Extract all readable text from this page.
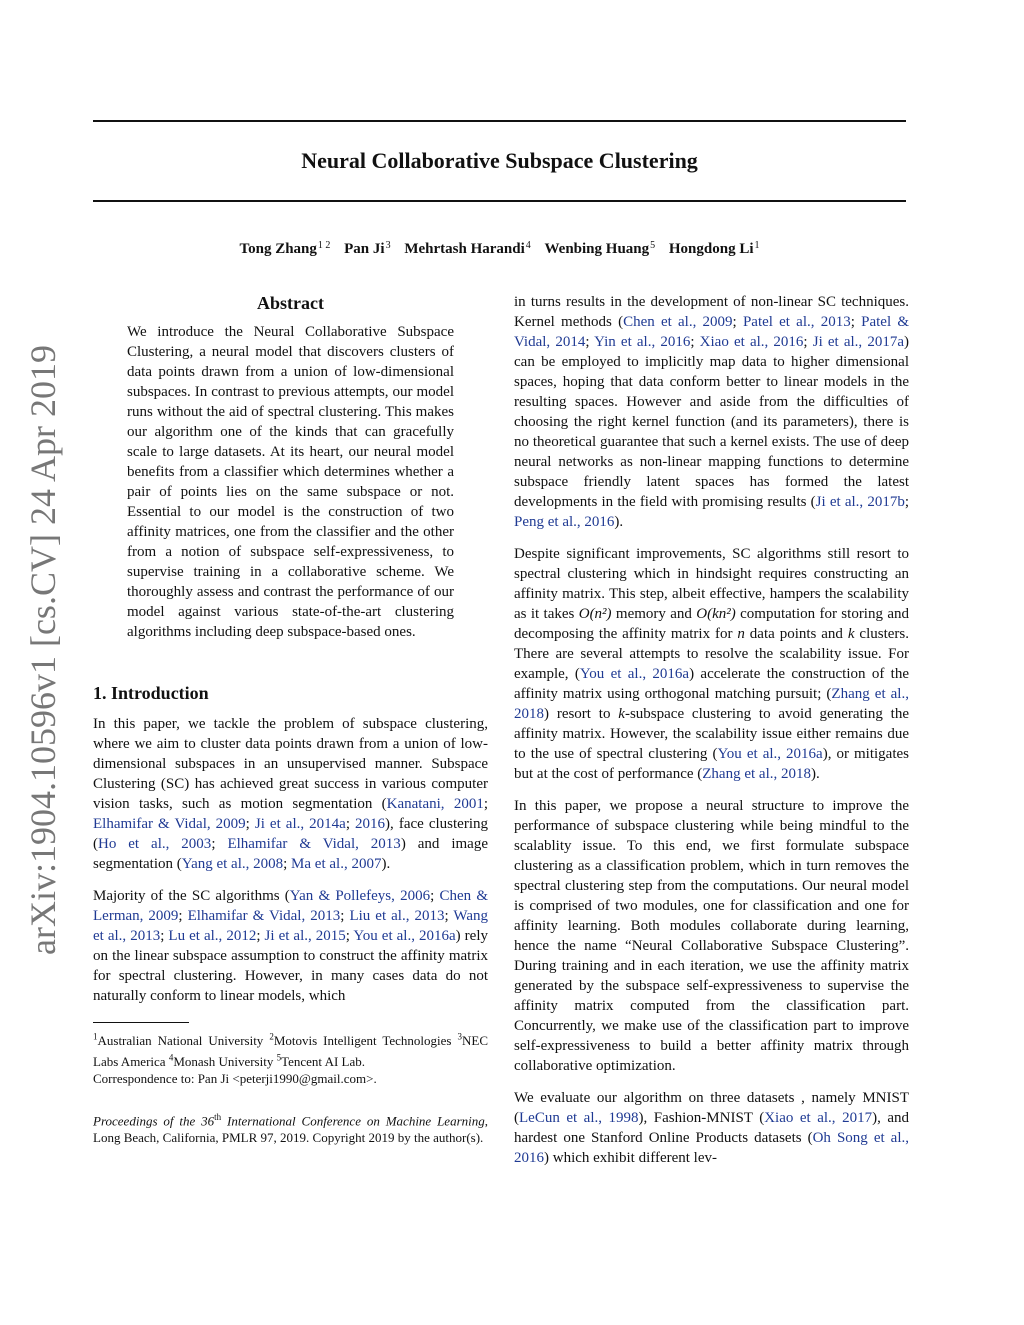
Neural Collaborative Subspace Clustering
Tong Zhang$^{1 2}$ Pan Ji$^3$ Mehrtash Harandi$^4$ Wenbing Huang$^5$ Hongdong Li$^1$
arXiv:1904.10596v1 [cs.CV] 24 Apr 2019
Abstract

We introduce the Neural Collaborative Subspace Clustering, a neural model that discovers clusters of data points drawn from a union of low-dimensional subspaces. In contrast to previous attempts, our model runs without the aid of spectral clustering. This makes our algorithm one of the kinds that can gracefully scale to large datasets. At its heart, our neural model benefits from a classifier which determines whether a pair of points lies on the same subspace or not. Essential to our model is the construction of two affinity matrices, one from the classifier and the other from a notion of subspace self-expressiveness, to supervise training in a collaborative scheme. We thoroughly assess and contrast the performance of our model against various state-of-the-art clustering algorithms including deep subspace-based ones.

1. Introduction

In this paper, we tackle the problem of subspace clustering, where we aim to cluster data points drawn from a union of low-dimensional subspaces in an unsupervised manner. Subspace Clustering (SC) has achieved great success in various computer vision tasks, such as motion segmentation (Kanatani, 2001; Elhamifar & Vidal, 2009; Ji et al., 2014a; 2016), face clustering (Ho et al., 2003; Elhamifar & Vidal, 2013) and image segmentation (Yang et al., 2008; Ma et al., 2007).

Majority of the SC algorithms (Yan & Pollefeys, 2006; Chen & Lerman, 2009; Elhamifar & Vidal, 2013; Liu et al., 2013; Wang et al., 2013; Lu et al., 2012; Ji et al., 2015; You et al., 2016a) rely on the linear subspace assumption to construct the affinity matrix for spectral clustering. However, in many cases data do not naturally conform to linear models, which

$^1$Australian National University $^2$Motovis Intelligent Technologies $^3$NEC Labs America $^4$Monash University $^5$Tencent AI Lab.
Correspondence to: Pan Ji <peterji1990@gmail.com>.

Proceedings of the 36th International Conference on Machine Learning, Long Beach, California, PMLR 97, 2019. Copyright 2019 by the author(s).

in turns results in the development of non-linear SC techniques. Kernel methods (Chen et al., 2009; Patel et al., 2013; Patel & Vidal, 2014; Yin et al., 2016; Xiao et al., 2016; Ji et al., 2017a) can be employed to implicitly map data to higher dimensional spaces, hoping that data conform better to linear models in the resulting spaces. However and aside from the difficulties of choosing the right kernel function (and its parameters), there is no theoretical guarantee that such a kernel exists. The use of deep neural networks as non-linear mapping functions to determine subspace friendly latent spaces has formed the latest developments in the field with promising results (Ji et al., 2017b; Peng et al., 2016).

Despite significant improvements, SC algorithms still resort to spectral clustering which in hindsight requires constructing an affinity matrix. This step, albeit effective, hampers the scalability as it takes O(n²) memory and O(kn²) computation for storing and decomposing the affinity matrix for n data points and k clusters. There are several attempts to resolve the scalability issue. For example, (You et al., 2016a) accelerate the construction of the affinity matrix using orthogonal matching pursuit; (Zhang et al., 2018) resort to k-subspace clustering to avoid generating the affinity matrix. However, the scalability issue either remains due to the use of spectral clustering (You et al., 2016a), or mitigates but at the cost of performance (Zhang et al., 2018).

In this paper, we propose a neural structure to improve the performance of subspace clustering while being mindful to the scalablity issue. To this end, we first formulate subspace clustering as a classification problem, which in turn removes the spectral clustering step from the computations. Our neural model is comprised of two modules, one for classification and one for affinity learning. Both modules collaborate during learning, hence the name “Neural Collaborative Subspace Clustering”. During training and in each iteration, we use the affinity matrix generated by the subspace self-expressiveness to supervise the affinity matrix computed from the classification part. Concurrently, we make use of the classification part to improve self-expressiveness to build a better affinity matrix through collaborative optimization.

We evaluate our algorithm on three datasets , namely MNIST (LeCun et al., 1998), Fashion-MNIST (Xiao et al., 2017), and hardest one Stanford Online Products datasets (Oh Song et al., 2016) which exhibit different lev-
